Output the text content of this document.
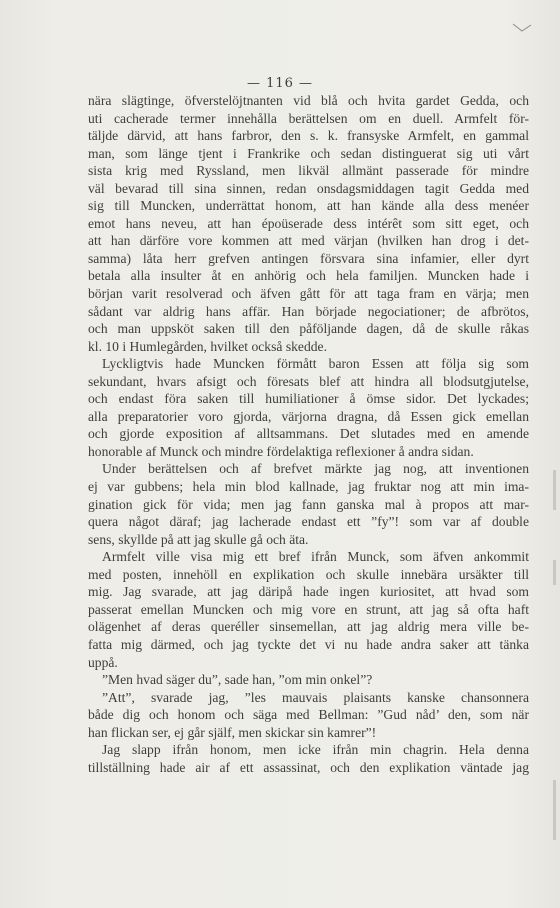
— 116 —
nära slägtinge, öfverstelöjtnanten vid blå och hvita gardet Gedda, och
uti cacherade termer innehålla berättelsen om en duell. Armfelt för-
täljde därvid, att hans farbror, den s. k. fransyske Armfelt, en gammal
man, som länge tjent i Frankrike och sedan distinguerat sig uti vårt
sista krig med Ryssland, men likväl allmänt passerade för mindre
väl bevarad till sina sinnen, redan onsdagsmiddagen tagit Gedda med
sig till Muncken, underrättat honom, att han kände alla dess menéer
emot hans neveu, att han époüserade dess intérêt som sitt eget, och
att han därföre vore kommen att med värjan (hvilken han drog i det-
samma) låta herr grefven antingen försvara sina infamier, eller dyrt
betala alla insulter åt en anhörig och hela familjen. Muncken hade i
början varit resolverad och äfven gått för att taga fram en värja; men
sådant var aldrig hans affär. Han började negociationer; de afbrötos,
och man uppsköt saken till den påföljande dagen, då de skulle råkas
kl. 10 i Humlegården, hvilket också skedde.
Lyckligtvis hade Muncken förmått baron Essen att följa sig som
sekundant, hvars afsigt och föresats blef att hindra all blodsutgjutelse,
och endast föra saken till humiliationer å ömse sidor. Det lyckades;
alla preparatorier voro gjorda, värjorna dragna, då Essen gick emellan
och gjorde exposition af alltsammans. Det slutades med en amende
honorable af Munck och mindre fördelaktiga reflexioner å andra sidan.
Under berättelsen och af brefvet märkte jag nog, att inventionen
ej var gubbens; hela min blod kallnade, jag fruktar nog att min ima-
gination gick för vida; men jag fann ganska mal à propos att mar-
quera något däraf; jag lacherade endast ett ”fy”! som var af double
sens, skyllde på att jag skulle gå och äta.
Armfelt ville visa mig ett bref ifrån Munck, som äfven ankommit
med posten, innehöll en explikation och skulle innebära ursäkter till
mig. Jag svarade, att jag däripå hade ingen kuriositet, att hvad som
passerat emellan Muncken och mig vore en strunt, att jag så ofta haft
olägenhet af deras queréller sinsemellan, att jag aldrig mera ville be-
fatta mig därmed, och jag tyckte det vi nu hade andra saker att tänka
uppå.
”Men hvad säger du”, sade han, ”om min onkel”?
”Att”, svarade jag, ”les mauvais plaisants kanske chansonnera
både dig och honom och säga med Bellman: ”Gud nåd’ den, som när
han flickan ser, ej går själf, men skickar sin kamrer”!
Jag slapp ifrån honom, men icke ifrån min chagrin. Hela denna
tillställning hade air af ett assassinat, och den explikation väntade jag
